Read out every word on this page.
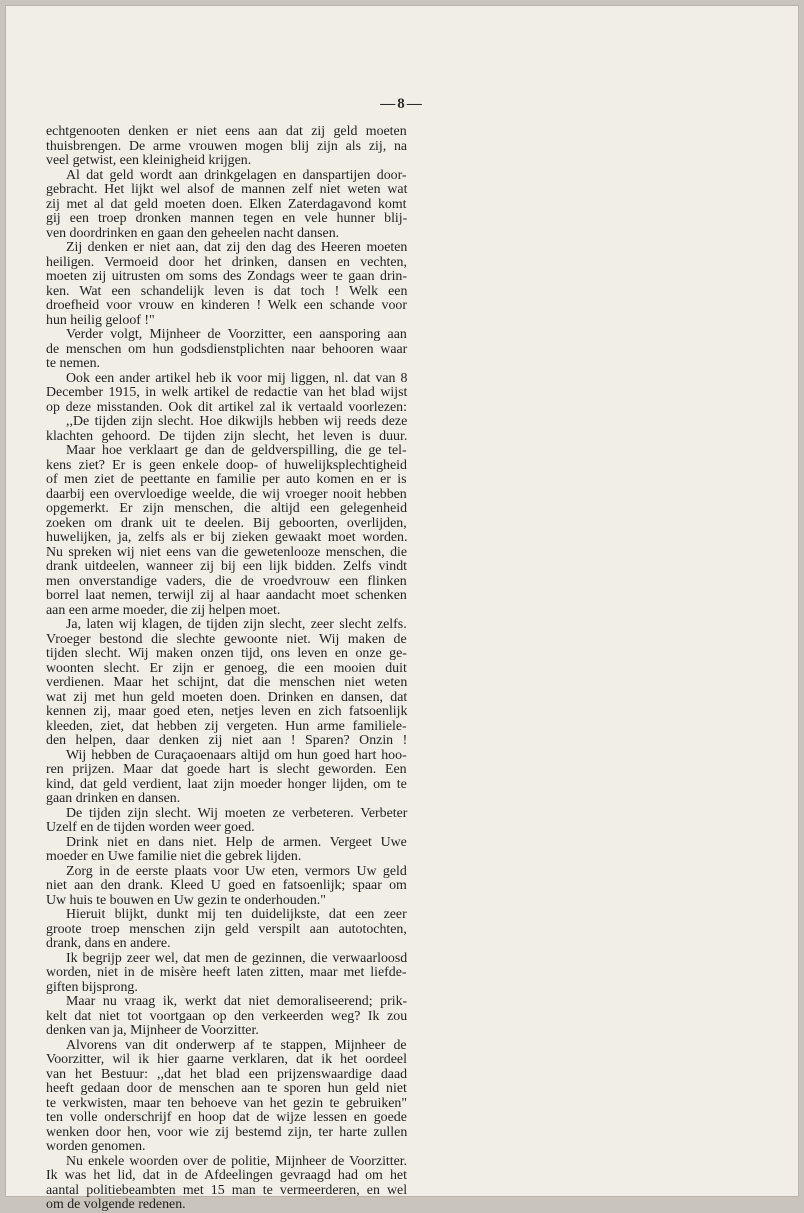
—8—

echtgenooten denken er niet eens aan dat zij geld moeten
thuisbrengen. De arme vrouwen mogen blij zijn als zij, na
veel getwist, een kleinigheid krijgen.
Al dat geld wordt aan drinkgelagen en danspartijen door-
gebracht. Het lijkt wel alsof de mannen zelf niet weten wat
zij met al dat geld moeten doen. Elken Zaterdagavond komt
gij een troep dronken mannen tegen en vele hunner blij-
ven doordrinken en gaan den geheelen nacht dansen.
Zij denken er niet aan, dat zij den dag des Heeren moeten
heiligen. Vermoeid door het drinken, dansen en vechten,
moeten zij uitrusten om soms des Zondags weer te gaan drin-
ken. Wat een schandelijk leven is dat toch ! Welk een
droefheid voor vrouw en kinderen ! Welk een schande voor
hun heilig geloof !"
Verder volgt, Mijnheer de Voorzitter, een aansporing aan
de menschen om hun godsdienstplichten naar behooren waar
te nemen.
Ook een ander artikel heb ik voor mij liggen, nl. dat van 8
December 1915, in welk artikel de redactie van het blad wijst
op deze misstanden. Ook dit artikel zal ik vertaald voorlezen:
,,De tijden zijn slecht. Hoe dikwijls hebben wij reeds deze
klachten gehoord. De tijden zijn slecht, het leven is duur.
Maar hoe verklaart ge dan de geldverspilling, die ge tel-
kens ziet? Er is geen enkele doop- of huwelijksplechtigheid
of men ziet de peettante en familie per auto komen en er is
daarbij een overvloedige weelde, die wij vroeger nooit hebben
opgemerkt. Er zijn menschen, die altijd een gelegenheid
zoeken om drank uit te deelen. Bij geboorten, overlijden,
huwelijken, ja, zelfs als er bij zieken gewaakt moet worden.
Nu spreken wij niet eens van die gewetenlooze menschen, die
drank uitdeelen, wanneer zij bij een lijk bidden. Zelfs vindt
men onverstandige vaders, die de vroedvrouw een flinken
borrel laat nemen, terwijl zij al haar aandacht moet schenken
aan een arme moeder, die zij helpen moet.
Ja, laten wij klagen, de tijden zijn slecht, zeer slecht zelfs.
Vroeger bestond die slechte gewoonte niet. Wij maken de
tijden slecht. Wij maken onzen tijd, ons leven en onze ge-
woonten slecht. Er zijn er genoeg, die een mooien duit
verdienen. Maar het schijnt, dat die menschen niet weten
wat zij met hun geld moeten doen. Drinken en dansen, dat
kennen zij, maar goed eten, netjes leven en zich fatsoenlijk
kleeden, ziet, dat hebben zij vergeten. Hun arme familiele-
den helpen, daar denken zij niet aan ! Sparen? Onzin !
Wij hebben de Curaçaoenaars altijd om hun goed hart hoo-
ren prijzen. Maar dat goede hart is slecht geworden. Een
kind, dat geld verdient, laat zijn moeder honger lijden, om te
gaan drinken en dansen.
De tijden zijn slecht. Wij moeten ze verbeteren. Verbeter
Uzelf en de tijden worden weer goed.
Drink niet en dans niet. Help de armen. Vergeet Uwe
moeder en Uwe familie niet die gebrek lijden.
Zorg in de eerste plaats voor Uw eten, vermors Uw geld
niet aan den drank. Kleed U goed en fatsoenlijk; spaar om
Uw huis te bouwen en Uw gezin te onderhouden."
Hieruit blijkt, dunkt mij ten duidelijkste, dat een zeer
groote troep menschen zijn geld verspilt aan autotochten,
drank, dans en andere.
Ik begrijp zeer wel, dat men de gezinnen, die verwaarloosd
worden, niet in de misère heeft laten zitten, maar met liefde-
giften bijsprong.
Maar nu vraag ik, werkt dat niet demoraliseerend; prik-
kelt dat niet tot voortgaan op den verkeerden weg? Ik zou
denken van ja, Mijnheer de Voorzitter.
Alvorens van dit onderwerp af te stappen, Mijnheer de
Voorzitter, wil ik hier gaarne verklaren, dat ik het oordeel
van het Bestuur: ,,dat het blad een prijzenswaardige daad
heeft gedaan door de menschen aan te sporen hun geld niet
te verkwisten, maar ten behoeve van het gezin te gebruiken"
ten volle onderschrijf en hoop dat de wijze lessen en goede
wenken door hen, voor wie zij bestemd zijn, ter harte zullen
worden genomen.
Nu enkele woorden over de politie, Mijnheer de Voorzitter.
Ik was het lid, dat in de Afdeelingen gevraagd had om het
aantal politiebeambten met 15 man te vermeerderen, en wel
om de volgende redenen.
